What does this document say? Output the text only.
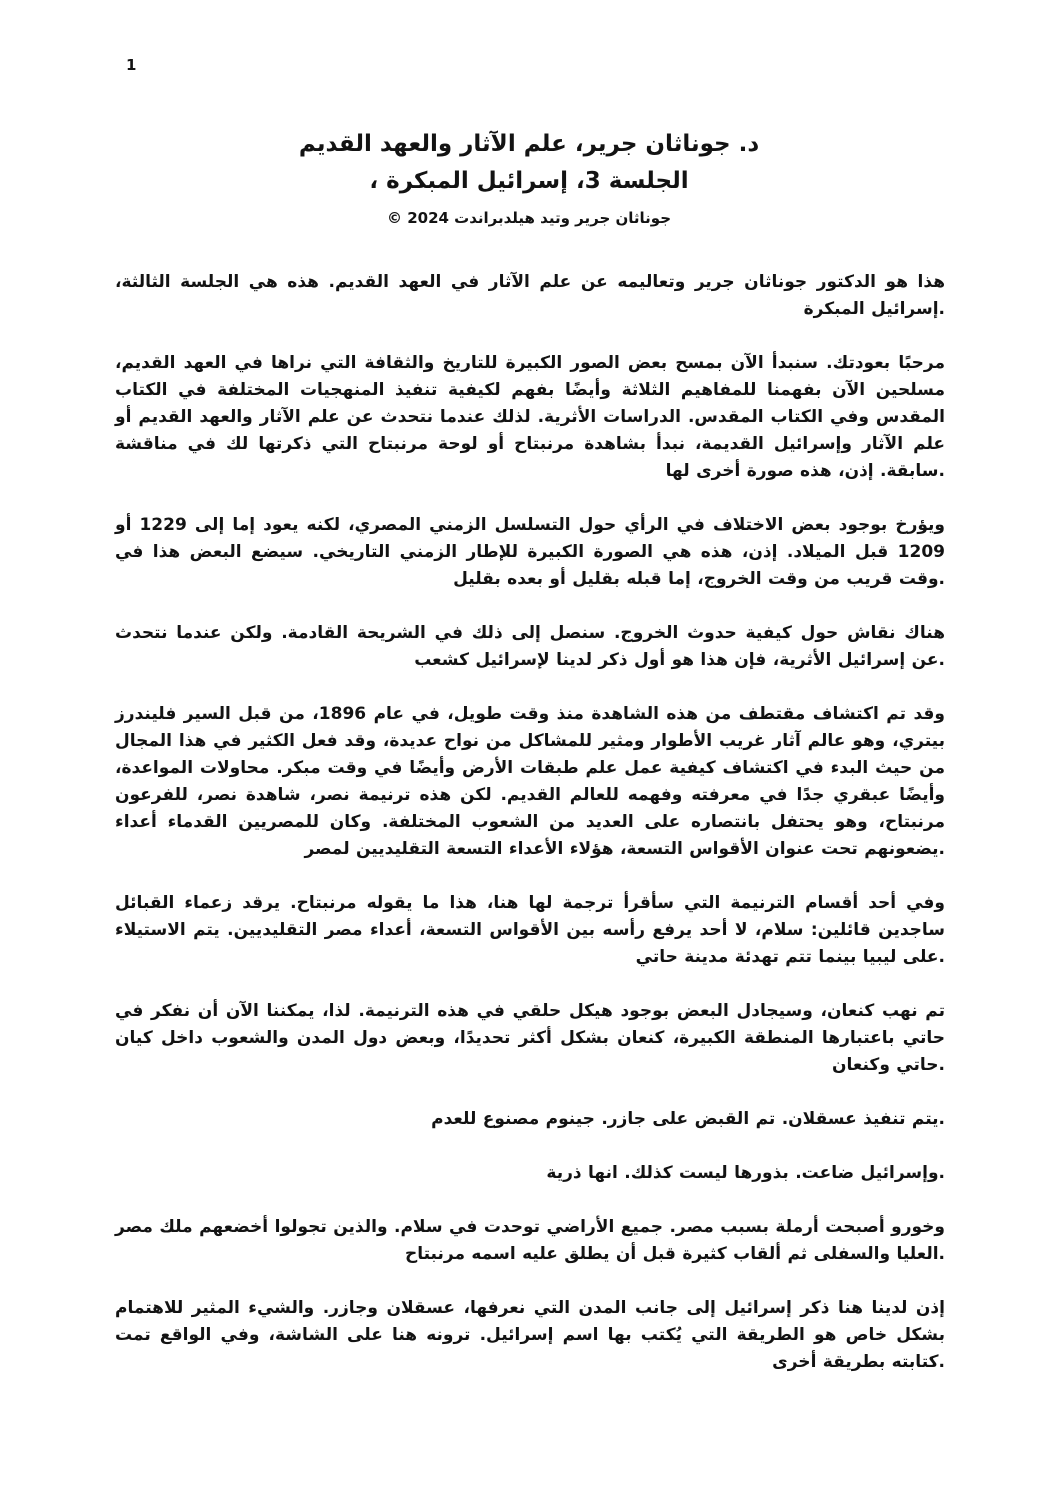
1
د. جوناثان جرير، علم الآثار والعهد القديم
، الجلسة 3، إسرائيل المبكرة
© 2024 جوناثان جرير وتيد هيلدبراندت

هذا هو الدكتور جوناثان جرير وتعاليمه عن علم الآثار في العهد القديم. هذه هي الجلسة الثالثة، إسرائيل المبكرة.

مرحبًا بعودتك. سنبدأ الآن بمسح بعض الصور الكبيرة للتاريخ والثقافة التي نراها في العهد القديم، مسلحين الآن بفهمنا للمفاهيم الثلاثة وأيضًا بفهم لكيفية تنفيذ المنهجيات المختلفة في الكتاب المقدس وفي الكتاب المقدس. الدراسات الأثرية. لذلك عندما نتحدث عن علم الآثار والعهد القديم أو علم الآثار وإسرائيل القديمة، نبدأ بشاهدة مرنبتاح أو لوحة مرنبتاح التي ذكرتها لك في مناقشة سابقة. إذن، هذه صورة أخرى لها.

ويؤرخ بوجود بعض الاختلاف في الرأي حول التسلسل الزمني المصري، لكنه يعود إما إلى 1229 أو 1209 قبل الميلاد. إذن، هذه هي الصورة الكبيرة للإطار الزمني التاريخي. سيضع البعض هذا في وقت قريب من وقت الخروج، إما قبله بقليل أو بعده بقليل.

هناك نقاش حول كيفية حدوث الخروج. سنصل إلى ذلك في الشريحة القادمة. ولكن عندما نتحدث عن إسرائيل الأثرية، فإن هذا هو أول ذكر لدينا لإسرائيل كشعب.

وقد تم اكتشاف مقتطف من هذه الشاهدة منذ وقت طويل، في عام 1896، من قبل السير فليندرز بيتري، وهو عالم آثار غريب الأطوار ومثير للمشاكل من نواح عديدة، وقد فعل الكثير في هذا المجال من حيث البدء في اكتشاف كيفية عمل علم طبقات الأرض وأيضًا في وقت مبكر. محاولات المواعدة، وأيضًا عبقري جدًا في معرفته وفهمه للعالم القديم. لكن هذه ترنيمة نصر، شاهدة نصر، للفرعون مرنبتاح، وهو يحتفل بانتصاره على العديد من الشعوب المختلفة. وكان للمصريين القدماء أعداء يضعونهم تحت عنوان الأقواس التسعة، هؤلاء الأعداء التسعة التقليديين لمصر.

وفي أحد أقسام الترنيمة التي سأقرأ ترجمة لها هنا، هذا ما يقوله مرنبتاح. يرقد زعماء القبائل ساجدين قائلين: سلام، لا أحد يرفع رأسه بين الأقواس التسعة، أعداء مصر التقليديين. يتم الاستيلاء على ليبيا بينما تتم تهدئة مدينة حاتي.

تم نهب كنعان، وسيجادل البعض بوجود هيكل حلقي في هذه الترنيمة. لذا، يمكننا الآن أن نفكر في حاتي باعتبارها المنطقة الكبيرة، كنعان بشكل أكثر تحديدًا، وبعض دول المدن والشعوب داخل كيان حاتي وكنعان.

يتم تنفيذ عسقلان. تم القبض على جازر. جينوم مصنوع للعدم.

وإسرائيل ضاعت. بذورها ليست كذلك. انها ذرية.

وخورو أصبحت أرملة بسبب مصر. جميع الأراضي توحدت في سلام. والذين تجولوا أخضعهم ملك مصر العليا والسفلى ثم ألقاب كثيرة قبل أن يطلق عليه اسمه مرنبتاح.

إذن لدينا هنا ذكر إسرائيل إلى جانب المدن التي نعرفها، عسقلان وجازر. والشيء المثير للاهتمام بشكل خاص هو الطريقة التي يُكتب بها اسم إسرائيل. ترونه هنا على الشاشة، وفي الواقع تمت كتابته بطريقة أخرى.
